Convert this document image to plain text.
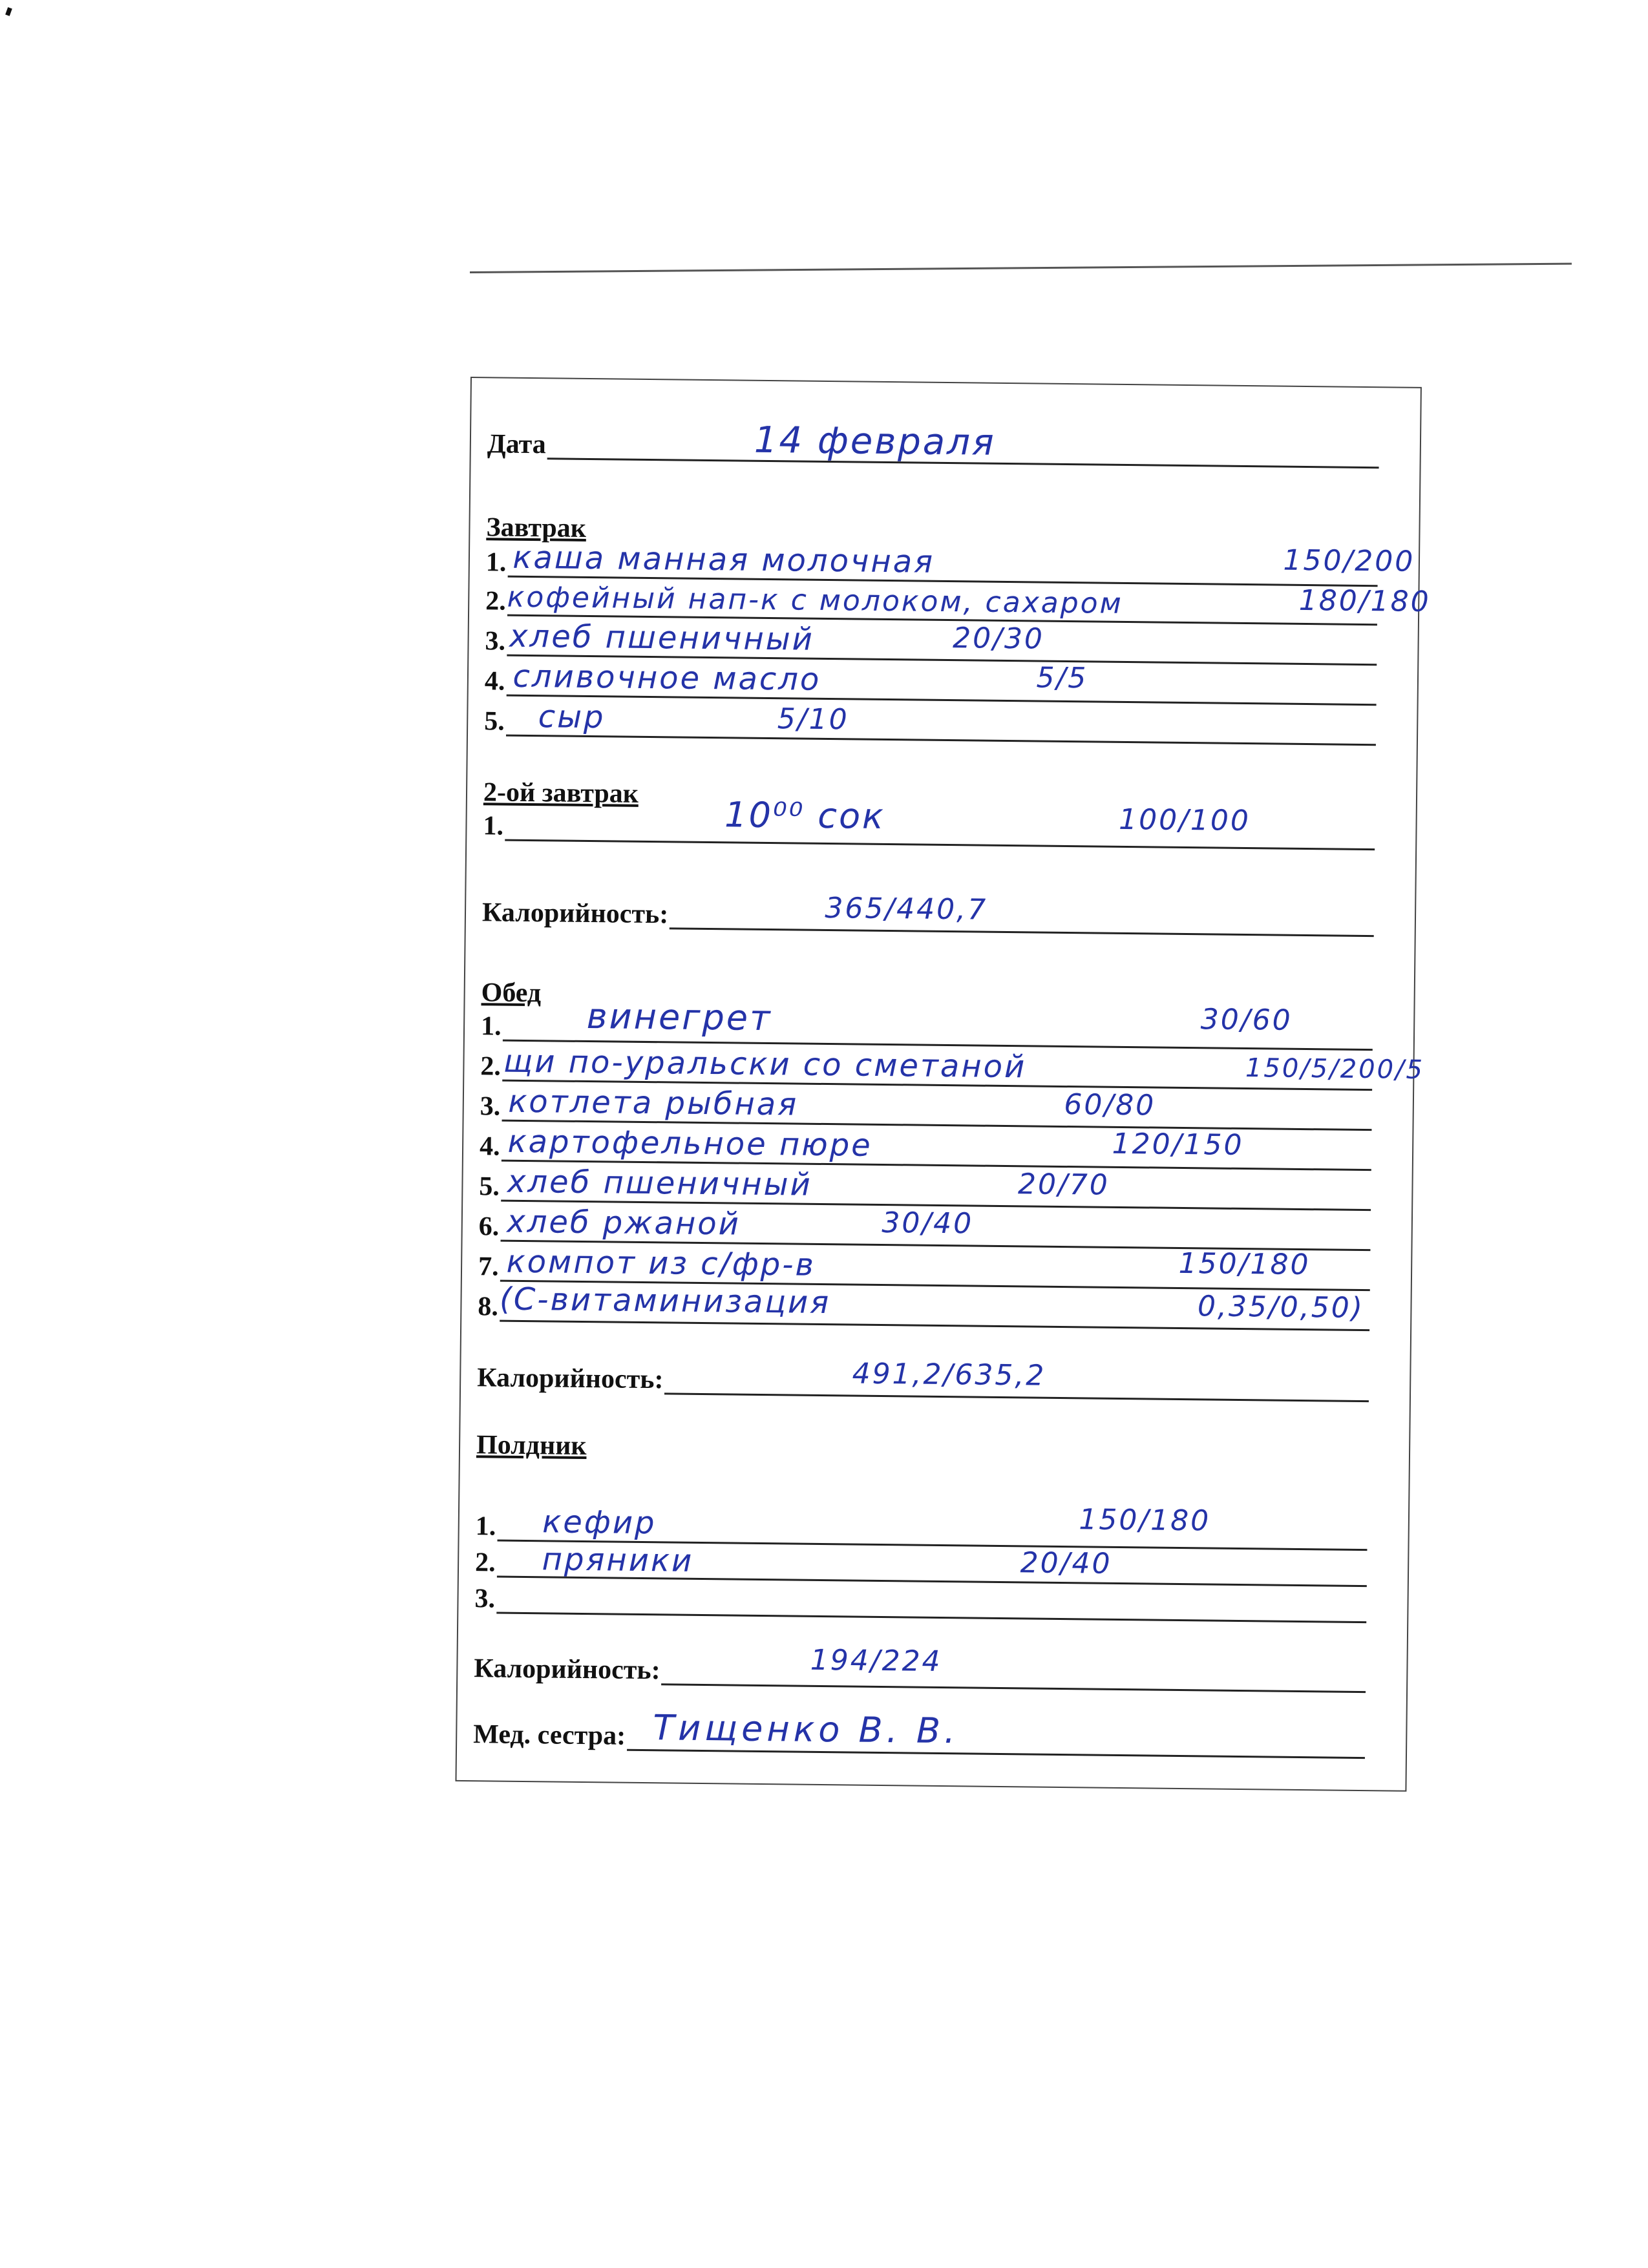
Дата	14 февраля
Завтрак
1. каша манная молочная	150/200
2. кофейный нап-к с молоком, сахаром	180/180
3. хлеб пшеничный	20/30
4. сливочное масло	5/5
5. сыр	5/10
2-ой завтрак
1.	10⁰⁰ сок	100/100
Калорийность:	365/440,7
Обед
1. винегрет	30/60
2. щи по-уральски со сметаной	150/5/200/5
3. котлета рыбная	60/80
4. картофельное пюре	120/150
5. хлеб пшеничный	20/70
6. хлеб ржаной	30/40
7. компот из с/фр-в	150/180
8. (С-витаминизация	0,35/0,50)
Калорийность:	491,2/635,2
Полдник
1. кефир	150/180
2. пряники	20/40
3.
Калорийность:	194/224
Мед. сестра: Тищенко В. В.
